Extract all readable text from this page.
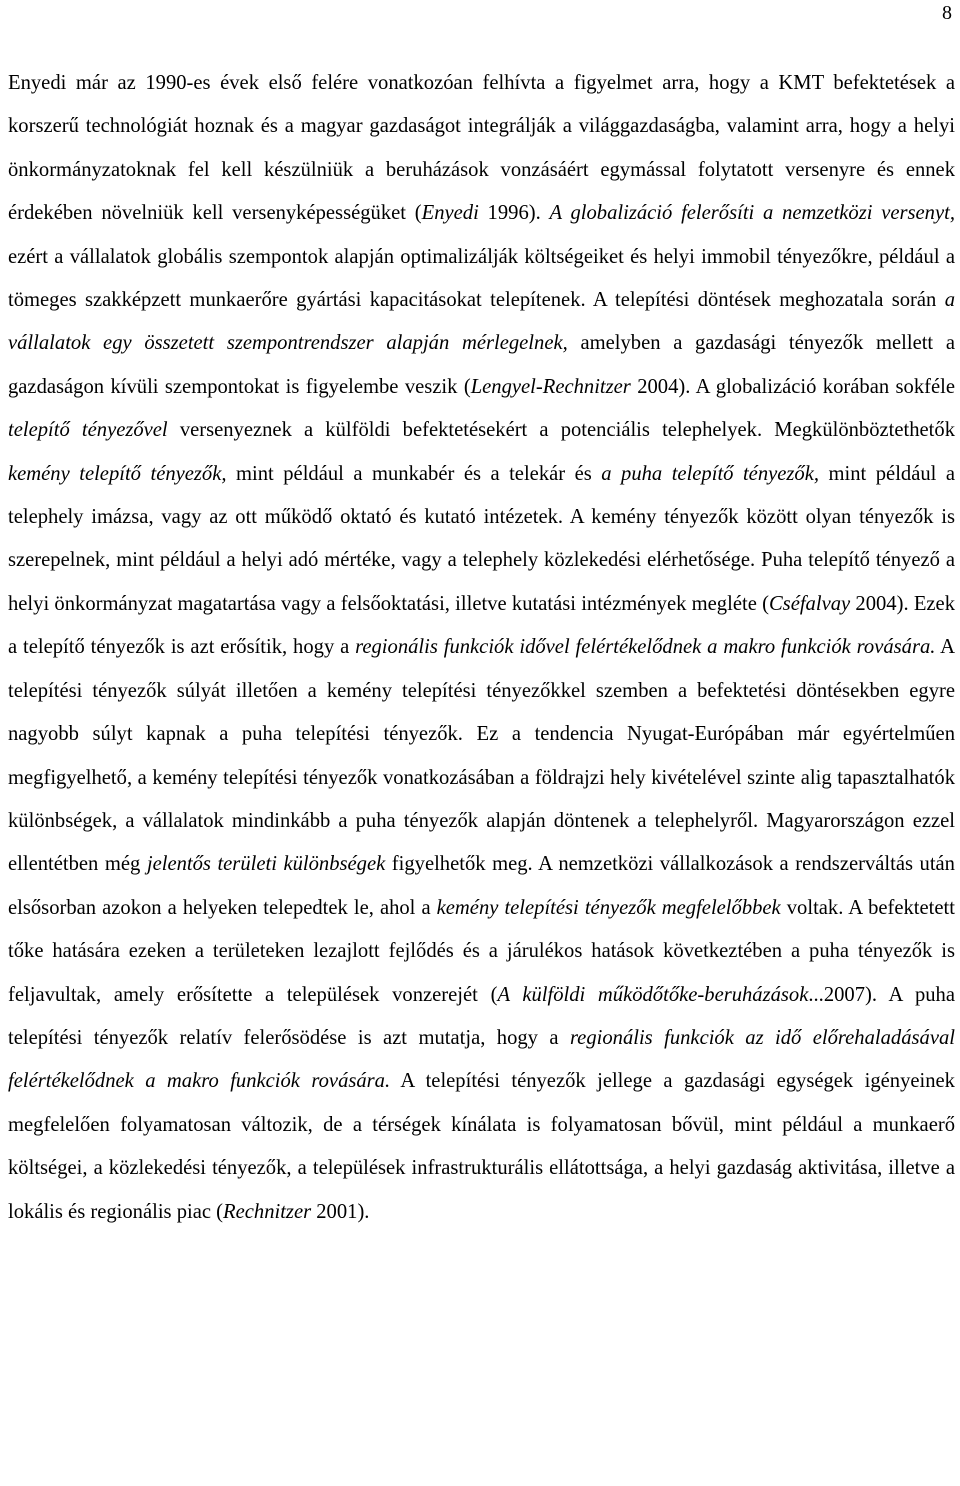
8

Enyedi már az 1990-es évek első felére vonatkozóan felhívta a figyelmet arra, hogy a KMT befektetések a korszerű technológiát hoznak és a magyar gazdaságot integrálják a világgazdaságba, valamint arra, hogy a helyi önkormányzatoknak fel kell készülniük a beruházások vonzásáért egymással folytatott versenyre és ennek érdekében növelniük kell versenyképességüket (Enyedi 1996). A globalizáció felerősíti a nemzetközi versenyt, ezért a vállalatok globális szempontok alapján optimalizálják költségeiket és helyi immobil tényezőkre, például a tömeges szakképzett munkaerőre gyártási kapacitásokat telepítenek. A telepítési döntések meghozatala során a vállalatok egy összetett szempontrendszer alapján mérlegelnek, amelyben a gazdasági tényezők mellett a gazdaságon kívüli szempontokat is figyelembe veszik (Lengyel-Rechnitzer 2004). A globalizáció korában sokféle telepítő tényezővel versenyeznek a külföldi befektetésekért a potenciális telephelyek. Megkülönböztethetők kemény telepítő tényezők, mint például a munkabér és a telekár és a puha telepítő tényezők, mint például a telephely imázsa, vagy az ott működő oktató és kutató intézetek. A kemény tényezők között olyan tényezők is szerepelnek, mint például a helyi adó mértéke, vagy a telephely közlekedési elérhetősége. Puha telepítő tényező a helyi önkormányzat magatartása vagy a felsőoktatási, illetve kutatási intézmények megléte (Cséfalvay 2004). Ezek a telepítő tényezők is azt erősítik, hogy a regionális funkciók idővel felértékelődnek a makro funkciók rovására. A telepítési tényezők súlyát illetően a kemény telepítési tényezőkkel szemben a befektetési döntésekben egyre nagyobb súlyt kapnak a puha telepítési tényezők. Ez a tendencia Nyugat-Európában már egyértelműen megfigyelhető, a kemény telepítési tényezők vonatkozásában a földrajzi hely kivételével szinte alig tapasztalhatók különbségek, a vállalatok mindinkább a puha tényezők alapján döntenek a telephelyről. Magyarországon ezzel ellentétben még jelentős területi különbségek figyelhetők meg. A nemzetközi vállalkozások a rendszerváltás után elsősorban azokon a helyeken telepedtek le, ahol a kemény telepítési tényezők megfelelőbbek voltak. A befektetett tőke hatására ezeken a területeken lezajlott fejlődés és a járulékos hatások következtében a puha tényezők is feljavultak, amely erősítette a települések vonzerejét (A külföldi működőtőke-beruházások...2007). A puha telepítési tényezők relatív felerősödése is azt mutatja, hogy a regionális funkciók az idő előrehaladásával felértékelődnek a makro funkciók rovására. A telepítési tényezők jellege a gazdasági egységek igényeinek megfelelően folyamatosan változik, de a térségek kínálata is folyamatosan bővül, mint például a munkaerő költségei, a közlekedési tényezők, a települések infrastrukturális ellátottsága, a helyi gazdaság aktivitása, illetve a lokális és regionális piac (Rechnitzer 2001).
